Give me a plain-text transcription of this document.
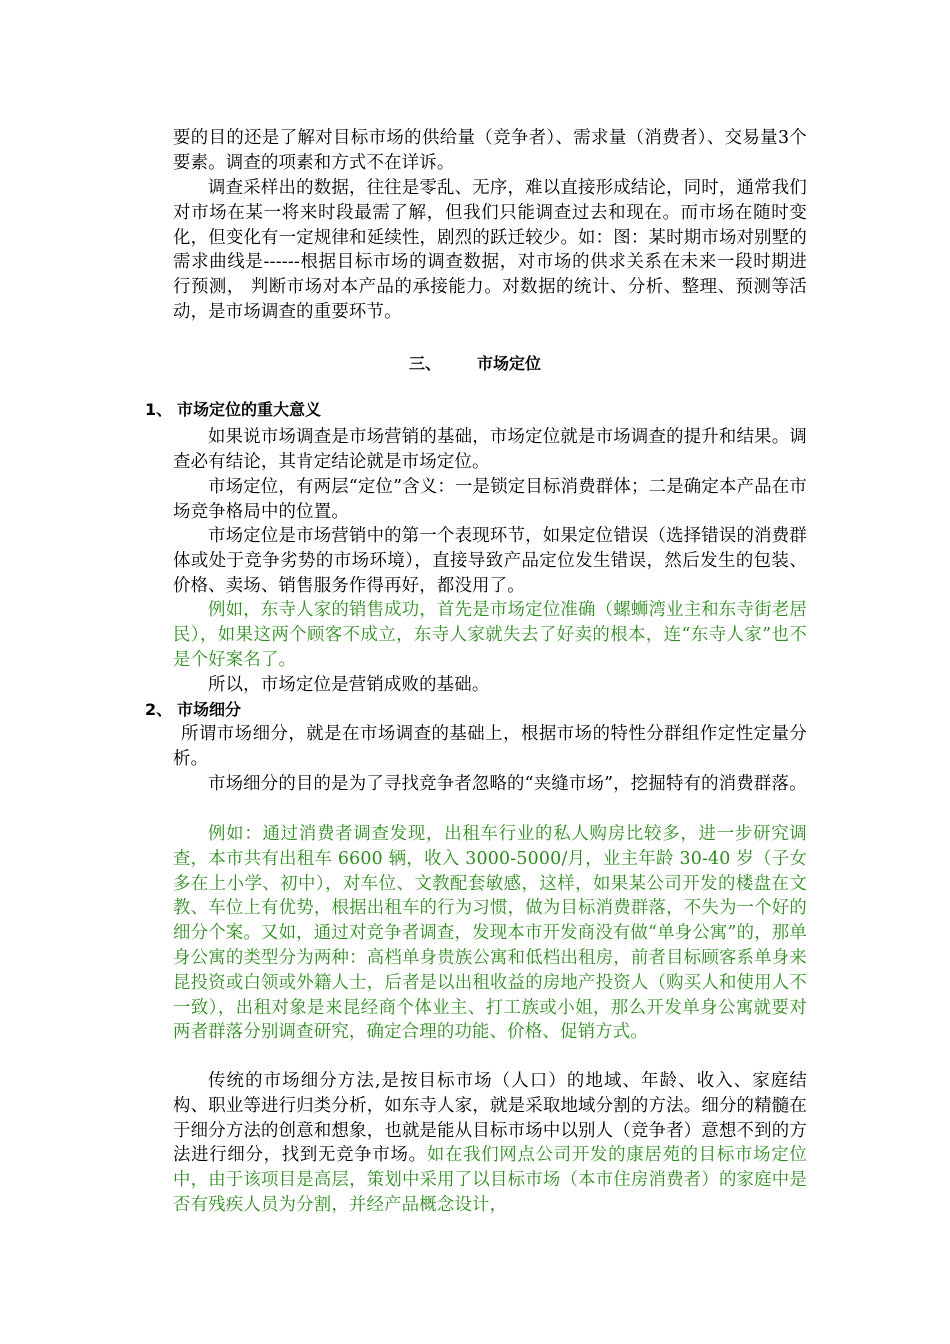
要的目的还是了解对目标市场的供给量（竞争者）、需求量（消费者）、交易量3个要素。调查的项素和方式不在详诉。

调查采样出的数据，往往是零乱、无序，难以直接形成结论，同时，通常我们对市场在某一将来时段最需了解，但我们只能调查过去和现在。而市场在随时变化，但变化有一定规律和延续性，剧烈的跃迁较少。如：图：某时期市场对别墅的需求曲线是------根据目标市场的调查数据，对市场的供求关系在未来一段时期进行预测， 判断市场对本产品的承接能力。对数据的统计、分析、整理、预测等活动，是市场调查的重要环节。

三、 市场定位
1、 市场定位的重大意义

如果说市场调查是市场营销的基础，市场定位就是市场调查的提升和结果。调查必有结论，其肯定结论就是市场定位。

市场定位，有两层“定位”含义：一是锁定目标消费群体；二是确定本产品在市场竞争格局中的位置。

市场定位是市场营销中的第一个表现环节，如果定位错误（选择错误的消费群体或处于竞争劣势的市场环境），直接导致产品定位发生错误，然后发生的包装、价格、卖场、销售服务作得再好，都没用了。

例如，东寺人家的销售成功，首先是市场定位准确（螺蛳湾业主和东寺街老居民），如果这两个顾客不成立，东寺人家就失去了好卖的根本，连“东寺人家”也不是个好案名了。

所以，市场定位是营销成败的基础。

2、 市场细分

所谓市场细分，就是在市场调查的基础上，根据市场的特性分群组作定性定量分析。

市场细分的目的是为了寻找竞争者忽略的“夹缝市场”，挖掘特有的消费群落。

例如：通过消费者调查发现，出租车行业的私人购房比较多，进一步研究调查，本市共有出租车 6600 辆，收入 3000-5000/月，业主年龄 30-40 岁（子女多在上小学、初中），对车位、文教配套敏感，这样，如果某公司开发的楼盘在文教、车位上有优势，根据出租车的行为习惯，做为目标消费群落，不失为一个好的细分个案。又如，通过对竞争者调查，发现本市开发商没有做“单身公寓”的，那单身公寓的类型分为两种：高档单身贵族公寓和低档出租房，前者目标顾客系单身来昆投资或白领或外籍人士，后者是以出租收益的房地产投资人（购买人和使用人不一致），出租对象是来昆经商个体业主、打工族或小姐，那么开发单身公寓就要对两者群落分别调查研究，确定合理的功能、价格、促销方式。

传统的市场细分方法,是按目标市场（人口）的地域、年龄、收入、家庭结构、职业等进行归类分析，如东寺人家，就是采取地域分割的方法。细分的精髓在于细分方法的创意和想象，也就是能从目标市场中以别人（竞争者）意想不到的方法进行细分，找到无竞争市场。如在我们网点公司开发的康居苑的目标市场定位中，由于该项目是高层，策划中采用了以目标市场（本市住房消费者）的家庭中是否有残疾人员为分割，并经产品概念设计，
